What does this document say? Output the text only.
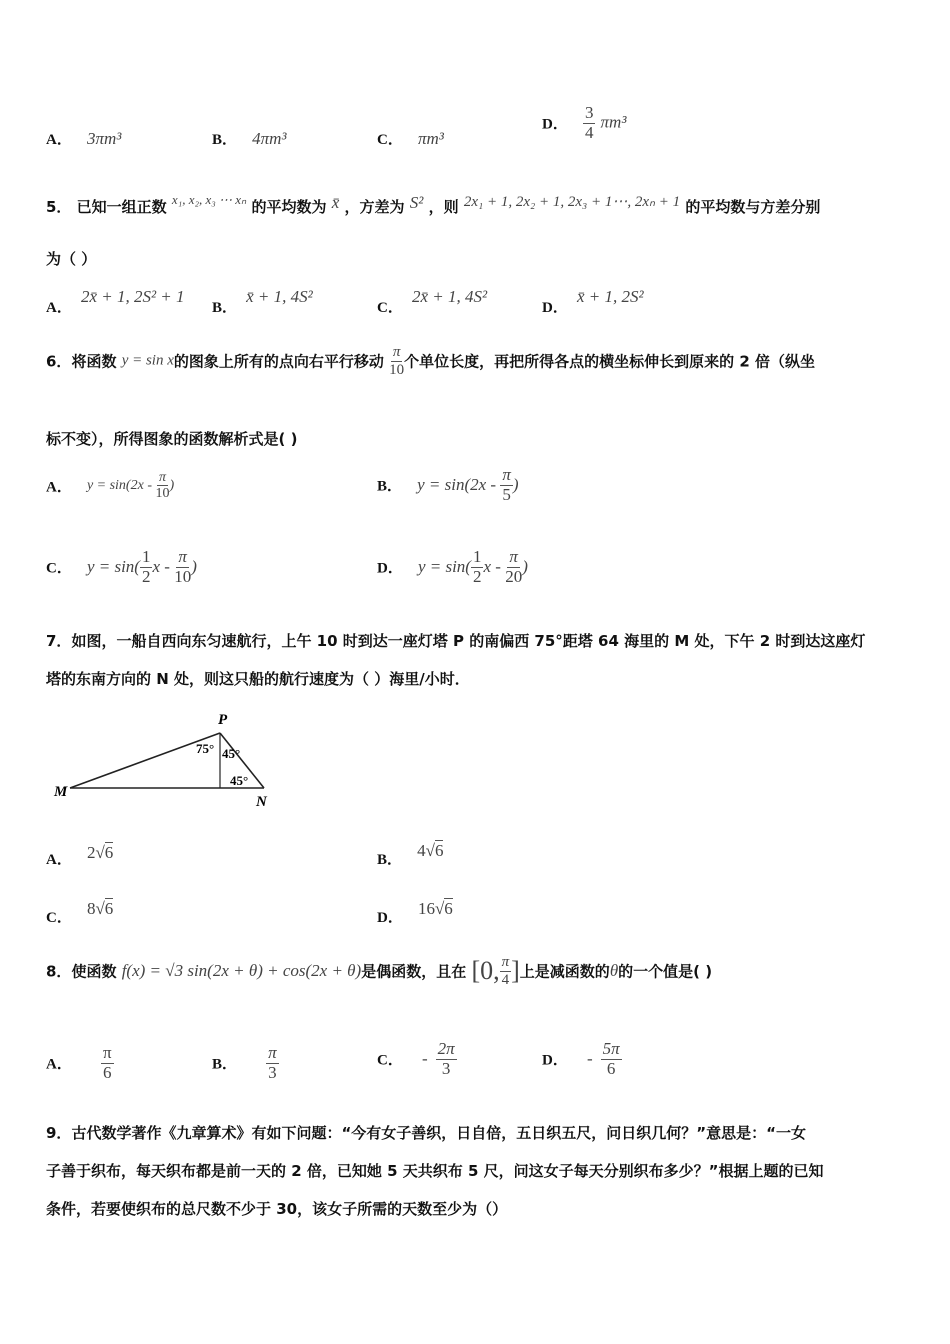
A． 3πm³	B． 4πm³	C． πm³
D． $\frac{3}{4} \pi m^3$
5． 已知一组正数 x₁, x₂, x₃ ⋯ xₙ 的平均数为 x̄ ，方差为 S² ，则 2x₁ + 1, 2x₂ + 1, 2x₃ + 1⋯, 2xₙ + 1 的平均数与方差分别
为（ ）
A． 2x̄ + 1, 2S² + 1
B． x̄ + 1, 4S²
C． 2x̄ + 1, 4S²
D． x̄ + 1, 2S²
6．将函数 y = sin x的图象上所有的点向右平行移动 $\frac{\pi}{10}$ 个单位长度，再把所得各点的横坐标伸长到原来的 2 倍（纵坐
标不变），所得图象的函数解析式是( )
A． $y = \sin(2x - \frac{\pi}{10}$ )	B． $y = \sin(2x - \frac{\pi}{5}$ )
C． $y = \sin( \frac{1}{2}$ x - $\frac{\pi}{10}$ )	D． $y = \sin( \frac{1}{2}$ x - $\frac{\pi}{20}$ )
7．如图，一船自西向东匀速航行，上午 10 时到达一座灯塔 P 的南偏西 75°距塔 64 海里的 M 处，下午 2 时到达这座灯
塔的东南方向的 N 处，则这只船的航行速度为（ ）海里/小时．
P
M
N
75° 45°
45°
A． 2√6	B． 4√6
C． 8√6	D． 16√6
8．使函数 f(x) = √3 sin(2x + θ) + cos(2x + θ)是偶函数，且在 [0, $\frac{\pi}{4}$ ]上是减函数的θ的一个值是( )
A． $\frac{\pi}{6}$	B． $\frac{\pi}{3}$	C． - $\frac{2\pi}{3}$	D． - $\frac{5\pi}{6}$
9．古代数学著作《九章算术》有如下问题：“今有女子善织，日自倍，五日织五尺，问日织几何？”意思是：“一女
子善于织布，每天织布都是前一天的 2 倍，已知她 5 天共织布 5 尺，问这女子每天分别织布多少？”根据上题的已知
条件，若要使织布的总尺数不少于 30，该女子所需的天数至少为（）
